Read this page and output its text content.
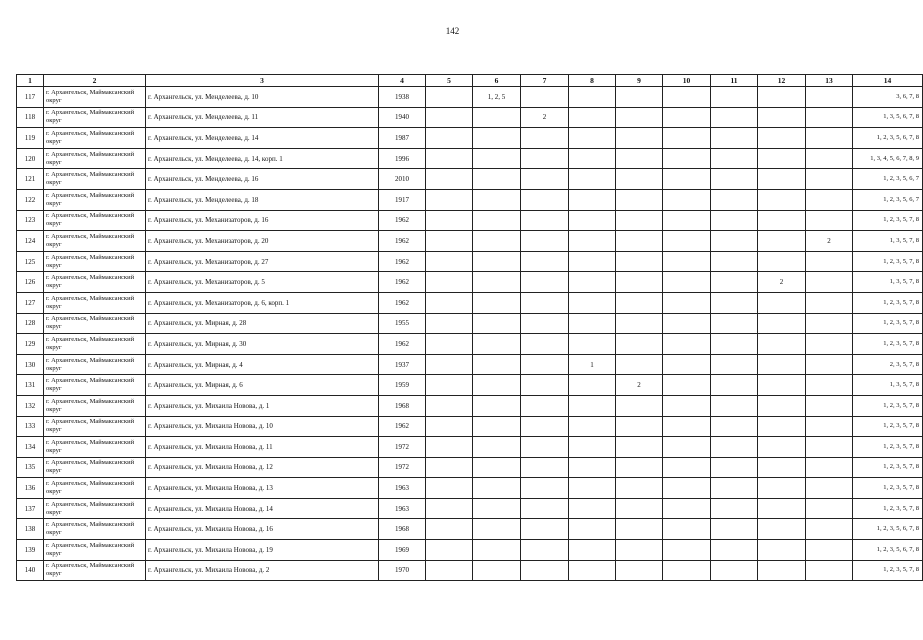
142
1	2	3	4	5	6	7	8	9	10	11	12	13	14
117	г. Архангельск, Маймаксанский округ	г. Архангельск, ул. Менделеева, д. 10	1938		1, 2, 5								3, 6, 7, 8
118	г. Архангельск, Маймаксанский округ	г. Архангельск, ул. Менделеева, д. 11	1940			2							1, 3, 5, 6, 7, 8
119	г. Архангельск, Маймаксанский округ	г. Архангельск, ул. Менделеева, д. 14	1987										1, 2, 3, 5, 6, 7, 8
120	г. Архангельск, Маймаксанский округ	г. Архангельск, ул. Менделеева, д. 14, корп. 1	1996										1, 3, 4, 5, 6, 7, 8, 9
121	г. Архангельск, Маймаксанский округ	г. Архангельск, ул. Менделеева, д. 16	2010										1, 2, 3, 5, 6, 7
122	г. Архангельск, Маймаксанский округ	г. Архангельск, ул. Менделеева, д. 18	1917										1, 2, 3, 5, 6, 7
123	г. Архангельск, Маймаксанский округ	г. Архангельск, ул. Механизаторов, д. 16	1962										1, 2, 3, 5, 7, 8
124	г. Архангельск, Маймаксанский округ	г. Архангельск, ул. Механизаторов, д. 20	1962									2	1, 3, 5, 7, 8
125	г. Архангельск, Маймаксанский округ	г. Архангельск, ул. Механизаторов, д. 27	1962										1, 2, 3, 5, 7, 8
126	г. Архангельск, Маймаксанский округ	г. Архангельск, ул. Механизаторов, д. 5	1962								2		1, 3, 5, 7, 8
127	г. Архангельск, Маймаксанский округ	г. Архангельск, ул. Механизаторов, д. 6, корп. 1	1962										1, 2, 3, 5, 7, 8
128	г. Архангельск, Маймаксанский округ	г. Архангельск, ул. Мирная, д. 28	1955										1, 2, 3, 5, 7, 8
129	г. Архангельск, Маймаксанский округ	г. Архангельск, ул. Мирная, д. 30	1962										1, 2, 3, 5, 7, 8
130	г. Архангельск, Маймаксанский округ	г. Архангельск, ул. Мирная, д. 4	1937				1						2, 3, 5, 7, 8
131	г. Архангельск, Маймаксанский округ	г. Архангельск, ул. Мирная, д. 6	1959					2					1, 3, 5, 7, 8
132	г. Архангельск, Маймаксанский округ	г. Архангельск, ул. Михаила Новова, д. 1	1968										1, 2, 3, 5, 7, 8
133	г. Архангельск, Маймаксанский округ	г. Архангельск, ул. Михаила Новова, д. 10	1962										1, 2, 3, 5, 7, 8
134	г. Архангельск, Маймаксанский округ	г. Архангельск, ул. Михаила Новова, д. 11	1972										1, 2, 3, 5, 7, 8
135	г. Архангельск, Маймаксанский округ	г. Архангельск, ул. Михаила Новова, д. 12	1972										1, 2, 3, 5, 7, 8
136	г. Архангельск, Маймаксанский округ	г. Архангельск, ул. Михаила Новова, д. 13	1963										1, 2, 3, 5, 7, 8
137	г. Архангельск, Маймаксанский округ	г. Архангельск, ул. Михаила Новова, д. 14	1963										1, 2, 3, 5, 7, 8
138	г. Архангельск, Маймаксанский округ	г. Архангельск, ул. Михаила Новова, д. 16	1968										1, 2, 3, 5, 6, 7, 8
139	г. Архангельск, Маймаксанский округ	г. Архангельск, ул. Михаила Новова, д. 19	1969										1, 2, 3, 5, 6, 7, 8
140	г. Архангельск, Маймаксанский округ	г. Архангельск, ул. Михаила Новова, д. 2	1970										1, 2, 3, 5, 7, 8
